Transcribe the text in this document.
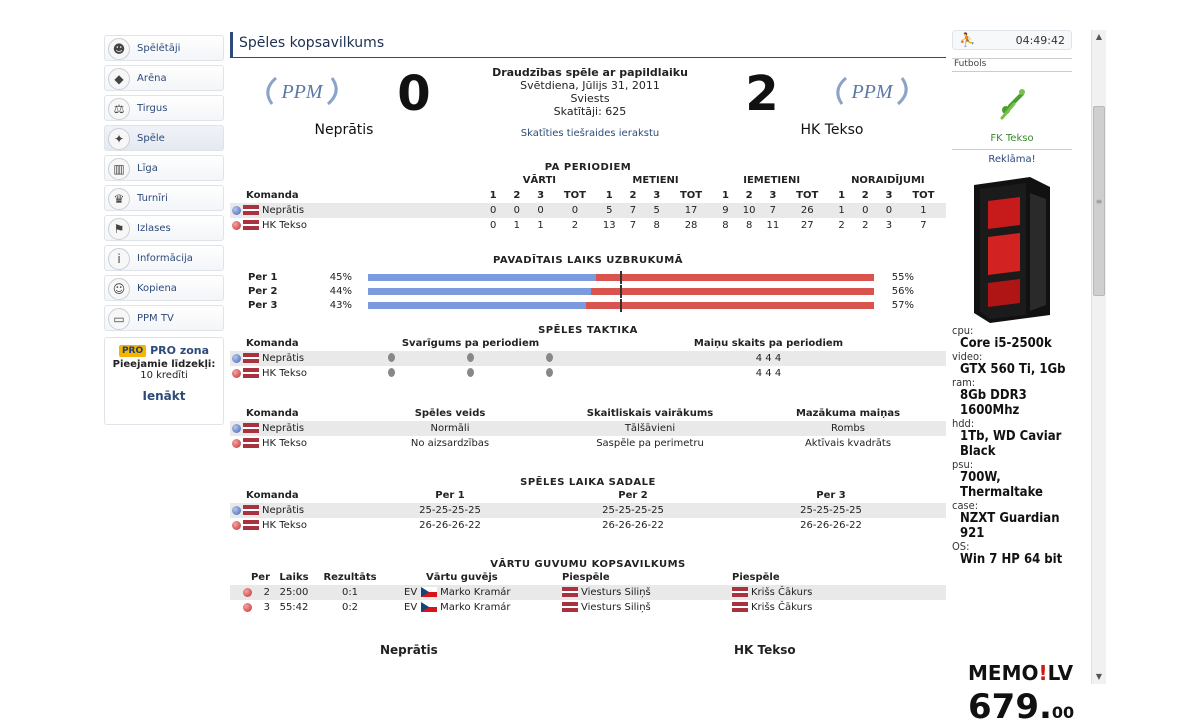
☻	Spēlētāji
◆	Arēna
⚖	Tirgus
✦	Spēle
▥	Līga
♛	Turnīri
⚑	Izlases
i	Informācija
☺	Kopiena
▭	PPM TV
PRO PRO zona
Pieejamie līdzekļi:
10 kredīti
Ienākt
Spēles kopsavilkums
PPM 0
Neprātis
Draudzības spēle ar papildlaiku
Svētdiena, Jūlijs 31, 2011
Sviests
Skatītāji: 625
Skatīties tiešraides ierakstu
2	PPM
HK Tekso
PA PERIODIEM
	VĀRTI				METIENI				IEMETIENI				NORAIDĪJUMI			
Komanda	1	2	3	TOT	1	2	3	TOT	1	2	3	TOT	1	2	3	TOT
Neprātis	0	0	0	0	5	7	5	17	9	10	7	26	1	0	0	1
HK Tekso	0	1	1	2	13	7	8	28	8	8	11	27	2	2	3	7
PAVADĪTAIS LAIKS UZBRUKUMĀ
Per 1	45%	55%
Per 2	44%	56%
Per 3	43%	57%
SPĒLES TAKTIKA
Komanda	Svarīgums pa periodiem	Maiņu skaits pa periodiem
Neprātis		4 4 4
HK Tekso		4 4 4
Komanda	Spēles veids	Skaitliskais vairākums	Mazākuma maiņas
Neprātis	Normāli	Tālšāvieni	Rombs
HK Tekso	No aizsardzības	Saspēle pa perimetru	Aktīvais kvadrāts
SPĒLES LAIKA SADALE
Komanda	Per 1	Per 2	Per 3
Neprātis	25-25-25-25	25-25-25-25	25-25-25-25
HK Tekso	26-26-26-22	26-26-26-22	26-26-26-22
VĀRTU GUVUMU KOPSAVILKUMS
Per	Laiks	Rezultāts	Vārtu guvējs	Piespēle	Piespēle
2	25:00	0:1	EV Marko Kramár	Viesturs Siliņš	Krišs Čākurs
3	55:42	0:2	EV Marko Kramár	Viesturs Siliņš	Krišs Čākurs
Neprātis	HK Tekso
⛹	04:49:42
Futbols
FK Tekso
Reklāma!
cpu:
Core i5-2500k
video:
GTX 560 Ti, 1Gb
ram:
8Gb DDR3 1600Mhz
hdd:
1Tb, WD Caviar Black
psu:
700W, Thermaltake
case:
NZXT Guardian 921
OS:
Win 7 HP 64 bit
MEMO!LV
679.00
▲
≡
▼
